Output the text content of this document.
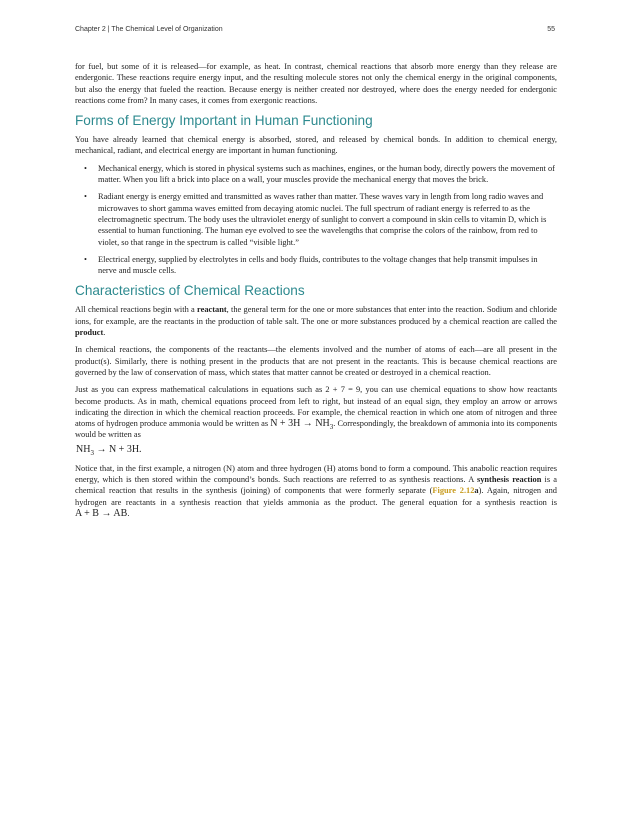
Chapter 2 | The Chemical Level of Organization	55

for fuel, but some of it is released—for example, as heat. In contrast, chemical reactions that absorb more energy than they release are endergonic. These reactions require energy input, and the resulting molecule stores not only the chemical energy in the original components, but also the energy that fueled the reaction. Because energy is neither created nor destroyed, where does the energy needed for endergonic reactions come from? In many cases, it comes from exergonic reactions.

Forms of Energy Important in Human Functioning

You have already learned that chemical energy is absorbed, stored, and released by chemical bonds. In addition to chemical energy, mechanical, radiant, and electrical energy are important in human functioning.

• Mechanical energy, which is stored in physical systems such as machines, engines, or the human body, directly powers the movement of matter. When you lift a brick into place on a wall, your muscles provide the mechanical energy that moves the brick.
• Radiant energy is energy emitted and transmitted as waves rather than matter. These waves vary in length from long radio waves and microwaves to short gamma waves emitted from decaying atomic nuclei. The full spectrum of radiant energy is referred to as the electromagnetic spectrum. The body uses the ultraviolet energy of sunlight to convert a compound in skin cells to vitamin D, which is essential to human functioning. The human eye evolved to see the wavelengths that comprise the colors of the rainbow, from red to violet, so that range in the spectrum is called “visible light.”
• Electrical energy, supplied by electrolytes in cells and body fluids, contributes to the voltage changes that help transmit impulses in nerve and muscle cells.
Characteristics of Chemical Reactions

All chemical reactions begin with a reactant, the general term for the one or more substances that enter into the reaction. Sodium and chloride ions, for example, are the reactants in the production of table salt. The one or more substances produced by a chemical reaction are called the product.

In chemical reactions, the components of the reactants—the elements involved and the number of atoms of each—are all present in the product(s). Similarly, there is nothing present in the products that are not present in the reactants. This is because chemical reactions are governed by the law of conservation of mass, which states that matter cannot be created or destroyed in a chemical reaction.

Just as you can express mathematical calculations in equations such as 2 + 7 = 9, you can use chemical equations to show how reactants become products. As in math, chemical equations proceed from left to right, but instead of an equal sign, they employ an arrow or arrows indicating the direction in which the chemical reaction proceeds. For example, the chemical reaction in which one atom of nitrogen and three atoms of hydrogen produce ammonia would be written as $N + 3H \to NH_3$. Correspondingly, the breakdown of ammonia into its components would be written as
$NH_3 \to N + 3H$.

Notice that, in the first example, a nitrogen (N) atom and three hydrogen (H) atoms bond to form a compound. This anabolic reaction requires energy, which is then stored within the compound’s bonds. Such reactions are referred to as synthesis reactions. A synthesis reaction is a chemical reaction that results in the synthesis (joining) of components that were formerly separate (Figure 2.12a). Again, nitrogen and hydrogen are reactants in a synthesis reaction that yields ammonia as the product. The general equation for a synthesis reaction is A + B → AB.
